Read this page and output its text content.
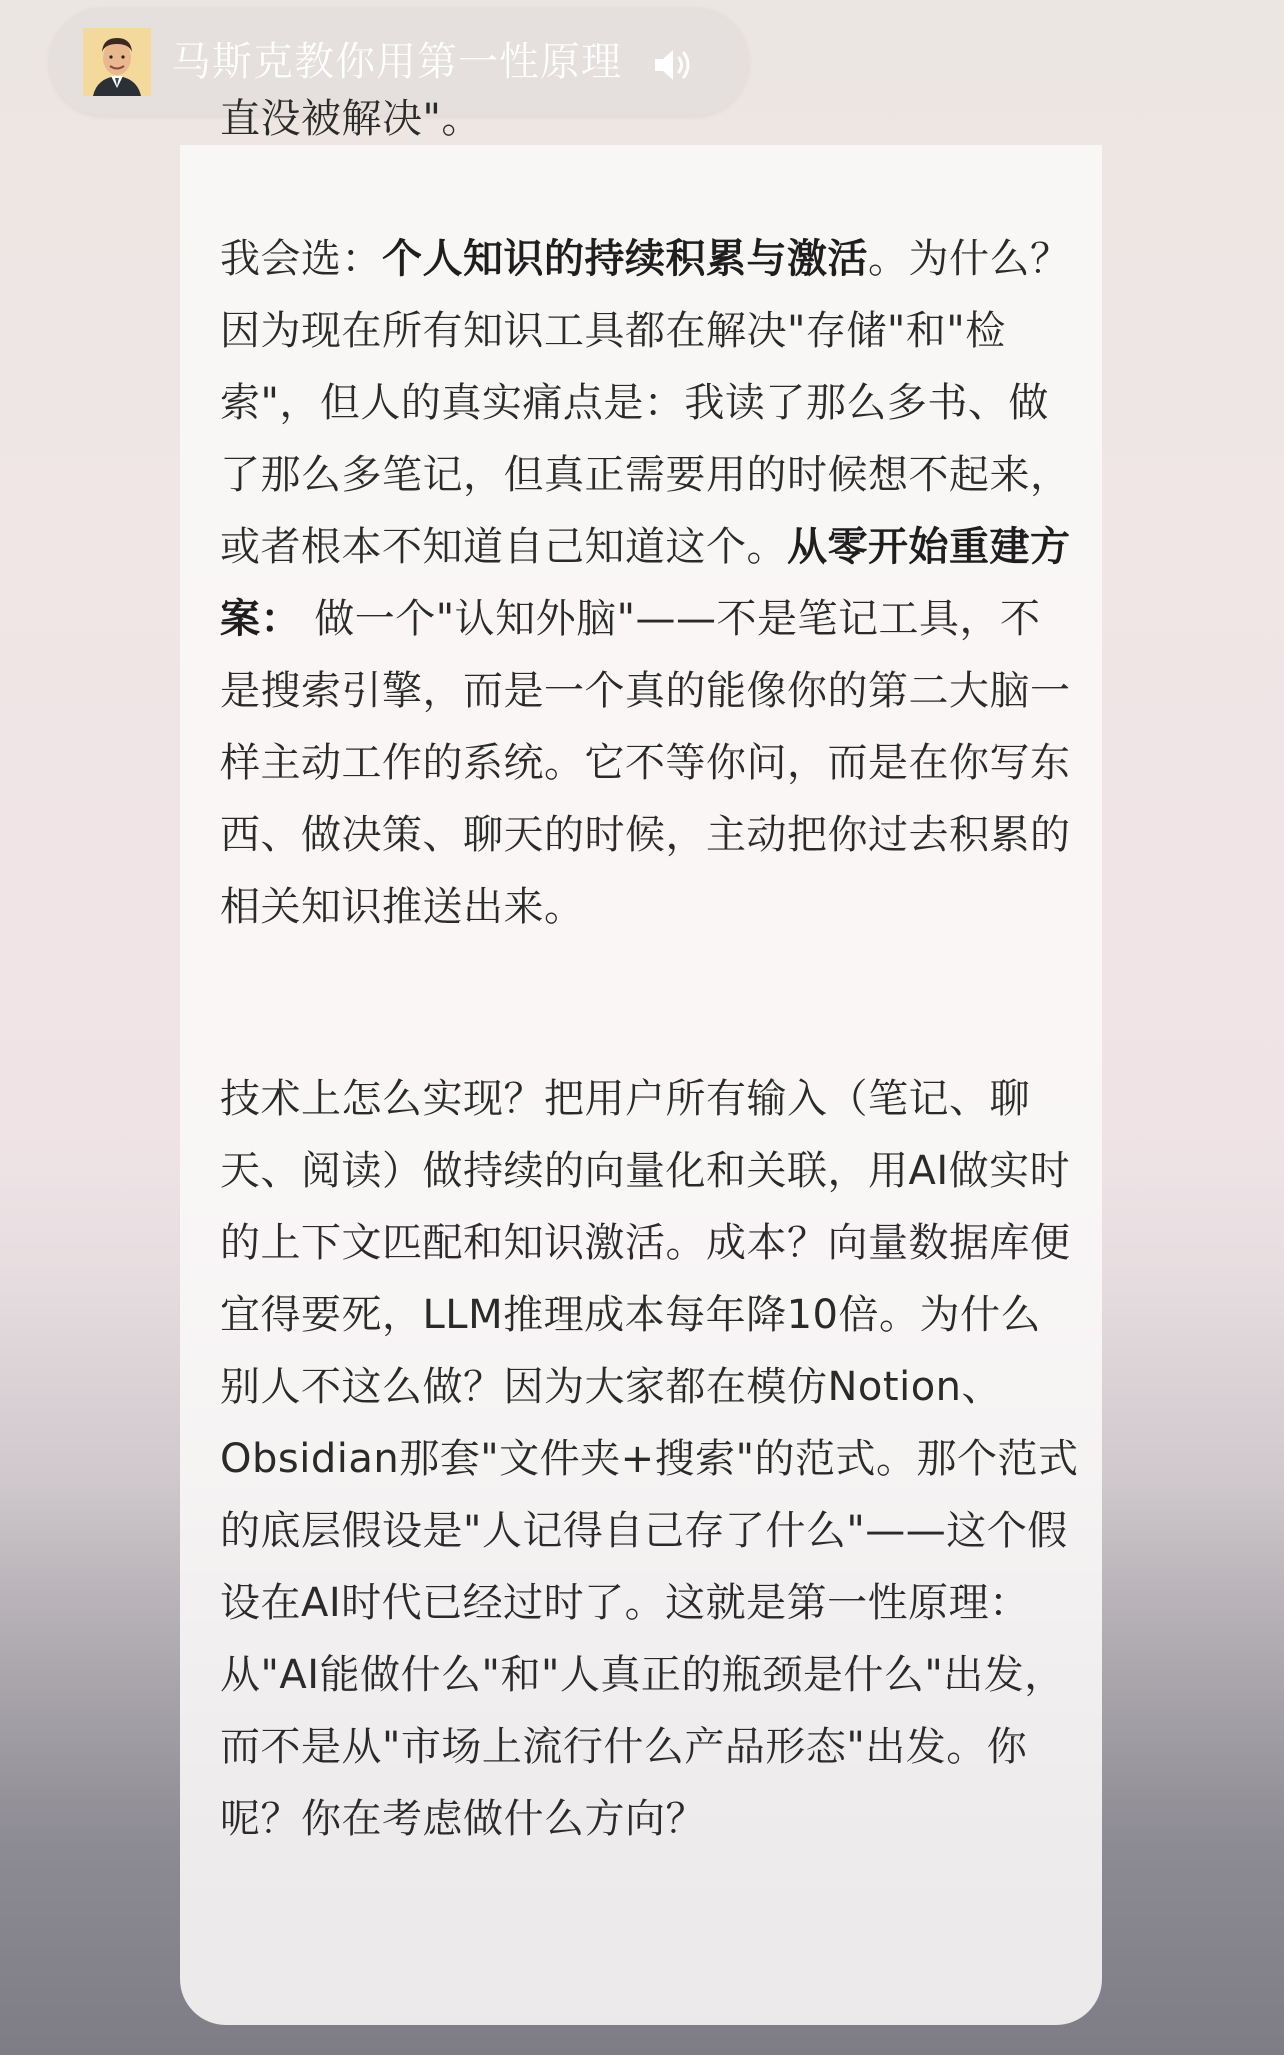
马斯克教你用第一性原理
直没被解决"。
我会选：个人知识的持续积累与激活。为什么？因为现在所有知识工具都在解决"存储"和"检索"，但人的真实痛点是：我读了那么多书、做了那么多笔记，但真正需要用的时候想不起来，或者根本不知道自己知道这个。从零开始重建方案： 做一个"认知外脑"——不是笔记工具，不是搜索引擎，而是一个真的能像你的第二大脑一样主动工作的系统。它不等你问，而是在你写东西、做决策、聊天的时候，主动把你过去积累的相关知识推送出来。
技术上怎么实现？把用户所有输入（笔记、聊天、阅读）做持续的向量化和关联，用AI做实时的上下文匹配和知识激活。成本？向量数据库便宜得要死，LLM推理成本每年降10倍。为什么别人不这么做？因为大家都在模仿Notion、Obsidian那套"文件夹+搜索"的范式。那个范式的底层假设是"人记得自己存了什么"——这个假设在AI时代已经过时了。这就是第一性原理：从"AI能做什么"和"人真正的瓶颈是什么"出发，而不是从"市场上流行什么产品形态"出发。你呢？你在考虑做什么方向？
